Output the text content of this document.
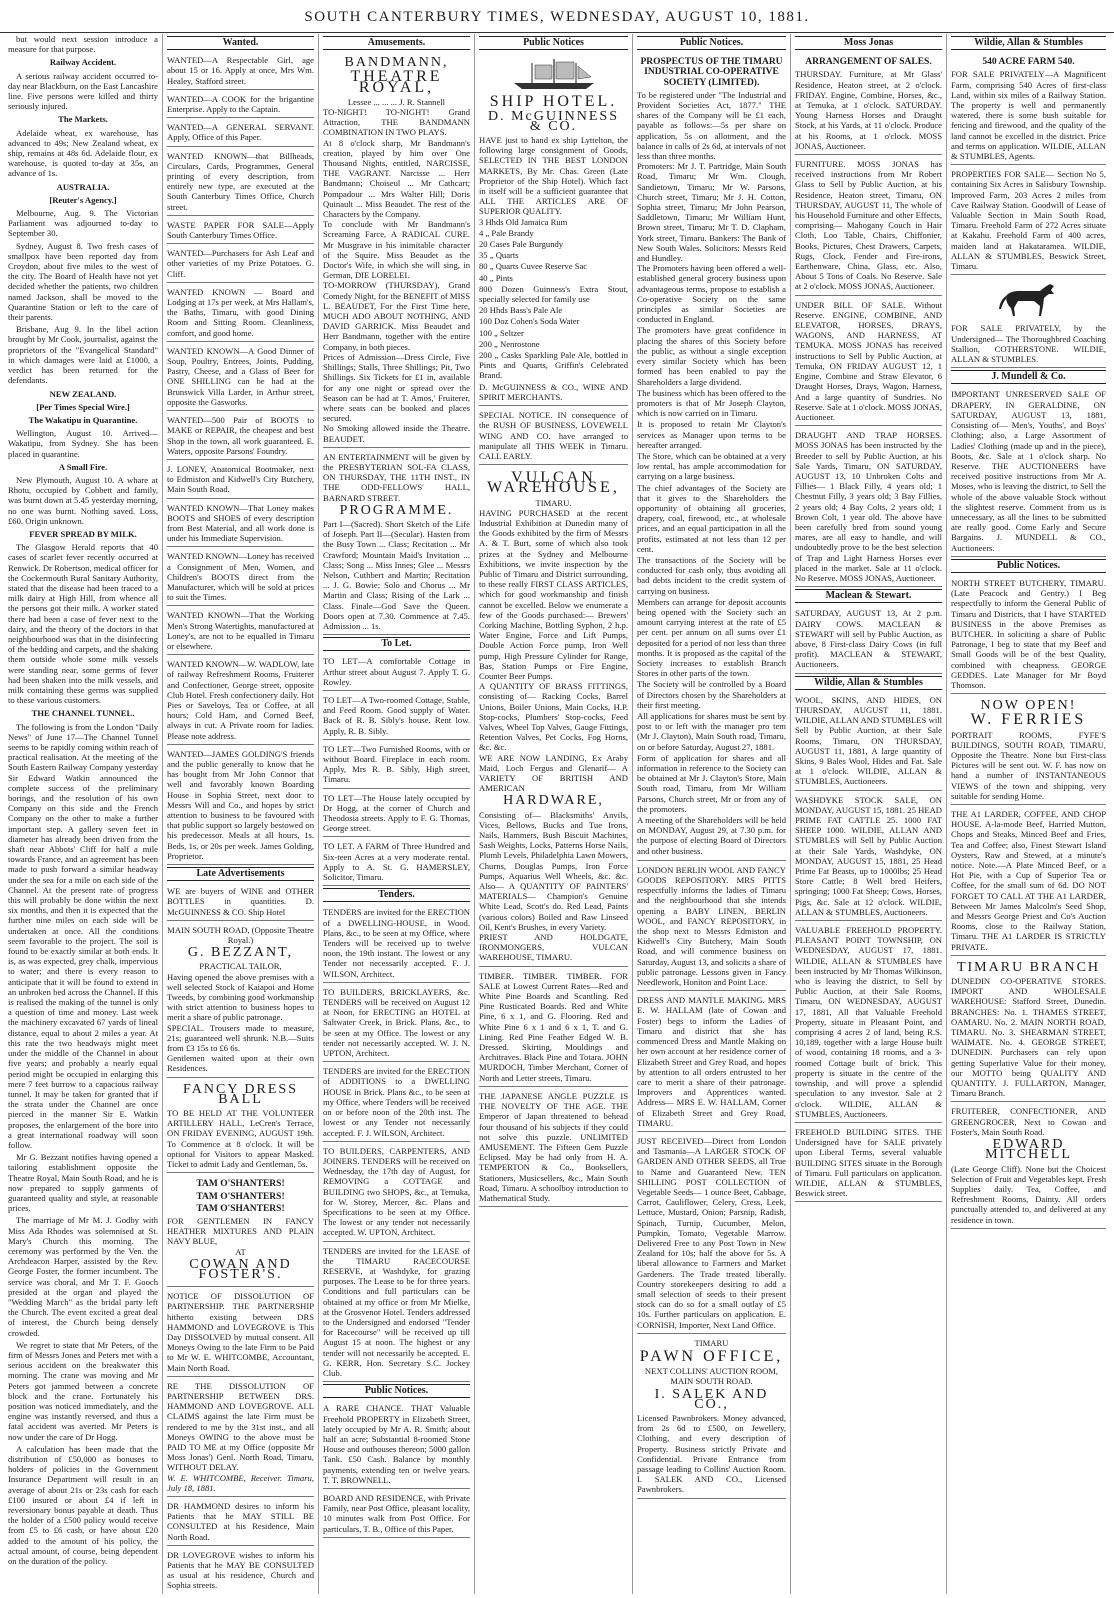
SOUTH CANTERBURY TIMES, WEDNESDAY, AUGUST 10, 1881.

but would next session introduce a measure for that purpose.

Railway Accident.

A serious railway accident occurred to-day near Blackburn, on the East Lancashire line. Five persons were killed and thirty seriously injured.

The Markets.

Adelaide wheat, ex warehouse, has advanced to 49s; New Zealand wheat, ex ship, remains at 48s 6d. Adelaide flour, ex warehouse, is quoted to-day at 35s, an advance of 1s.

AUSTRALIA.

[Reuter's Agency.]

Melbourne, Aug. 9. The Victorian Parliament was adjourned to-day to September 30.

Sydney, August 8. Two fresh cases of smallpox have been reported day from Croydon, about five miles to the west of the city. The Board of Health have not yet decided whether the patients, two children named Jackson, shall be moved to the Quarantine Station or left to the care of their parents.

Brisbane, Aug 9. In the libel action brought by Mr Cook, journalist, against the proprietors of the "Evangelical Standard" in which damages were laid at £1000, a verdict has been returned for the defendants.

NEW ZEALAND.

[Per Times Special Wire.]

The Wakatipu in Quarantine.

Wellington, August 10. Arrived—Wakatipu, from Sydney. She has been placed in quarantine.

A Small Fire.

New Plymouth, August 10. A whare at Rhotu, occupied by Cobbett and family, was burnt down at 5.45 yesterday morning, no one was burnt. Nothing saved. Loss, £60. Origin unknown.

FEVER SPREAD BY MILK.

The Glasgow Herald reports that 40 cases of scarlet fever recently occurred at Renwick. Dr Robertson, medical officer for the Cockermouth Rural Sanitary Authority, stated that the disease had been traced to a milk dairy at High Hill, from whence all the persons got their milk. A worker stated there had been a case of fever next to the dairy, and the theory of the doctors in that neighbourhood was that in the disinfecting of the bedding and carpets, and the shaking them outside whole some milk vessels were standing near, some germs of fever had been shaken into the milk vessels, and milk containing these germs was supplied to these various customers.

THE CHANNEL TUNNEL.

The following is from the London "Daily News" of June 17—The Channel Tunnel seems to be rapidly coming within reach of practical realisation. At the meeting of the South Eastern Railway Company yesterday Sir Edward Watkin announced the complete success of the preliminary borings, and the resolution of his own Company on this side and the French Company on the other to make a further important step. A gallery seven feet in diameter has already been driven from the shaft near Abbots' Cliff for half a mile towards France, and an agreement has been made to push forward a similar headway under the sea for a mile on each side of the Channel. At the present rate of progress this will probably be done within the next six months, and then it is expected that the further nine miles on each side will be undertaken at once. All the conditions seem favorable to the project. The soil is found to be exactly similar at both ends. It is, as was expected, grey chalk, impervious to water; and there is every reason to anticipate that it will be found to extend in an unbroken bed across the Channel. If this is realised the making of the tunnel is only a question of time and money. Last week the machinery excavated 67 yards of lineal distance, equal to about 2 miles a year. At this rate the two headways might meet under the middle of the Channel in about five years; and probably a nearly equal period might be occupied in enlarging this mere 7 feet burrow to a capacious railway tunnel. It may be taken for granted that if the strata under the Channel are once pierced in the manner Sir E. Watkin proposes, the enlargement of the bore into a great international roadway will soon follow.

Mr G. Bezzant notifies having opened a tailoring establishment opposite the Theatre Royal, Main South Road, and he is now prepared to supply garments of guaranteed quality and style, at reasonable prices.

The marriage of Mr M. J. Godby with Miss Ada Rhodes was solemnised at St. Mary's Church this morning. The ceremony was performed by the Ven. the Archdeacon Harper, assisted by the Rev. George Foster, the former incumbent. The service was choral, and Mr T. F. Gooch presided at the organ and played the "Wedding March" as the bridal party left the Church. The event excited a great deal of interest, the Church being densely crowded.

We regret to state that Mr Peters, of the firm of Messrs Jones and Peters met with a serious accident on the breakwater this morning. The crane was moving and Mr Peters got jammed between a concrete block and the crane. Fortunately his position was noticed immediately, and the engine was instantly reversed, and thus a fatal accident was averted. Mr Peters is now under the care of Dr Hogg.

A calculation has been made that the distribution of £50,000 as bonuses to holders of policies in the Government Insurance Department will result in an average of about 21s or 23s cash for each £100 insured or about £4 if left in reversionary bonus payable at death. Thus the holder of a £500 policy would receive from £5 to £6 cash, or have about £20 added to the amount of his policy, the actual amount, of course, being dependent on the duration of the policy.

Wanted.

WANTED—A Respectable Girl, age about 15 or 16. Apply at once, Mrs Wm. Healey, Stafford street.

WANTED—A COOK for the brigantine Enterprise. Apply to the Captain.

WANTED—A GENERAL SERVANT. Apply, Office of this Paper.

WANTED KNOWN—that Billheads, Circulars, Cards, Programmes, General printing of every description, from entirely new type, are executed at the South Canterbury Times Office, Church street.

WASTE PAPER FOR SALE—Apply South Canterbury Times Office.

WANTED—Purchasers for Ash Leaf and other varieties of my Prize Potatoes. G. Cliff.

WANTED KNOWN — Board and Lodging at 17s per week, at Mrs Hallam's, the Baths, Timaru, with good Dining Room and Sitting Room. Cleanliness, comfort, and good home.

WANTED KNOWN—A Good Dinner of Soup, Poultry, Entrees, Joints, Pudding, Pastry, Cheese, and a Glass of Beer for ONE SHILLING can be had at the Brunswick Villa Larder, in Arthur street, opposite the Gasworks.

WANTED—500 Pair of BOOTS to MAKE or REPAIR, the cheapest and best Shop in the town, all work guaranteed. E. Waters, opposite Parsons' Foundry.

J. LONEY, Anatomical Bootmaker, next to Edmiston and Kidwell's City Butchery, Main South Road.

WANTED KNOWN—That Loney makes BOOTS and SHOES of every description from Best Material, and all work done is under his Immediate Supervision.

WANTED KNOWN—Loney has received a Consignment of Men, Women, and Children's BOOTS direct from the Manufacturer, which will be sold at prices to suit the Times.

WANTED KNOWN—That the Working Men's Strong Watertights, manufactured at Loney's, are not to be equalled in Timaru or elsewhere.

WANTED KNOWN—W. WADLOW, late of railway Refreshment Rooms, Fruiterer and Confectioner, George street, opposite Club Hotel. Fresh confectionery daily. Hot Pies or Saveloys, Tea or Coffee, at all hours; Cold Ham, and Corned Beef, always in cut. A Private room for ladies. Please note address.

WANTED—JAMES GOLDING'S friends and the public generally to know that he has bought from Mr John Connor that well and favorably known Boarding House in Sophia Street, next door to Messrs Will and Co., and hopes by strict attention to business to be favoured with that public support so largely bestowed on his predecessor. Meals at all hours, 1s. Beds, 1s, or 20s per week. James Golding, Proprietor.

Late Advertisements

WE are buyers of WINE and OTHER BOTTLES in quantities. D. McGUINNESS & CO. Ship Hotel

MAIN SOUTH ROAD, (Opposite Theatre Royal.)
G. BEZZANT,
PRACTICAL TAILOR,

Having opened the above premises with a well selected Stock of Kaiapoi and Home Tweeds, by combining good workmanship with strict attention to business hopes to merit a share of public patronage.

SPECIAL. Trousers made to measure, 21s; guaranteed well shrunk. N.B.—Suits from £3 15s to £6 6s.

Gentlemen waited upon at their own Residences.

FANCY DRESS BALL

TO BE HELD AT THE VOLUNTEER ARTILLERY HALL, LeCren's Terrace, ON FRIDAY EVENING, AUGUST 19th. To Commence at 8 o'clock. It will be optional for Visitors to appear Masked. Ticket to admit Lady and Gentleman, 5s.

TAM O'SHANTERS!
TAM O'SHANTERS!
TAM O'SHANTERS!

FOR GENTLEMEN IN FANCY HEATHER MIXTURES AND PLAIN NAVY BLUE,

AT
COWAN AND FOSTER'S.

NOTICE OF DISSOLUTION OF PARTNERSHIP. THE PARTNERSHIP hitherto existing between DRS HAMMOND and LOVEGROVE is This Day DISSOLVED by mutual consent. All Moneys Owing to the late Firm to be Paid to Mr W. E. WHITCOMBE, Accountant, Main North Road.

RE THE DISSOLUTION OF PARTNERSHIP BETWEEN DRS. HAMMOND AND LOVEGROVE. ALL CLAIMS against the late Firm must be rendered to me by the 31st inst., and all Moneys OWING to the above must be PAID TO ME at my Office (opposite Mr Moss Jonas') Genl. North Road, Timaru, WITHOUT DELAY.

W. E. WHITCOMBE, Receiver. Timaru, July 18, 1881.

DR HAMMOND desires to inform his Patients that he MAY STILL BE CONSULTED at his Residence, Main North Road.

DR LOVEGROVE wishes to inform his Patients that he MAY BE CONSULTED as usual at his residence, Church and Sophia streets.

Amusements.
BANDMANN,
THEATRE ROYAL,
Lessee ... ... ... J. R. Stannell

TO-NIGHT! TO-NIGHT! Grand Attraction, THE BANDMANN COMBINATION IN TWO PLAYS.

At 8 o'clock sharp, Mr Bandmann's creation, played by him over One Thousand Nights, entitled, NARCISSE, THE VAGRANT. Narcisse ... Herr Bandmann; Choiseul ... Mr Cathcart; Pompadour ... Mrs Walter Hill; Doris Quinault ... Miss Beaudet. The rest of the Characters by the Company.

To conclude with Mr Bandmann's Screaming Farce, A RADICAL CURE. Mr Musgrave in his inimitable character of the Squire. Miss Beaudet as the Doctor's Wife, in which she will sing, in German, DIE LORELEI.

TO-MORROW (THURSDAY), Grand Comedy Night, for the BENEFIT of MISS L. BEAUDET, For the First Time here, MUCH ADO ABOUT NOTHING, AND DAVID GARRICK. Miss Beaudet and Herr Bandmann, together with the entire Company, in both pieces.

Prices of Admission—Dress Circle, Five Shillings; Stalls, Three Shillings; Pit, Two Shillings. Six Tickets for £1 in, available for any one night or spread over the Season can be had at T. Amos,' Fruiterer, where seats can be booked and places secured.

No Smoking allowed inside the Theatre. BEAUDET.

AN ENTERTAINMENT will be given by the PRESBYTERIAN SOL-FA CLASS, ON THURSDAY, THE 11TH INST., IN THE ODD-FELLOWS' HALL, BARNARD STREET.

PROGRAMME.

Part I—(Sacred). Short Sketch of the Life of Joseph. Part II—(Secular). Hasten from the Busy Town ... Class; Recitation ... Mr Crawford; Mountain Maid's Invitation ... Class; Song ... Miss Innes; Glee ... Messrs Nelson, Cuthbert and Martin; Recitation ... J. G. Bowie; Solo and Chorus ... Mr Martin and Class; Rising of the Lark ... Class. Finale—God Save the Queen. Doors open at 7.30. Commence at 7.45. Admission ... 1s.

To Let.

TO LET—A comfortable Cottage in Arthur street about August 7. Apply T. G. Rowley.

TO LET—A Two-roomed Cottage, Stable, and Feed Room. Good supply of Water. Back of R. B. Sibly's house. Rent low. Apply, R. B. Sibly.

TO LET—Two Furnished Rooms, with or without Board. Fireplace in each room. Apply, Mrs R. B. Sibly, High street, Timaru.

TO LET—The House lately occupied by Dr Hogg, at the corner of Church and Theodosia streets. Apply to F. G. Thomas, George street.

TO LET. A FARM of Three Hundred and Six-teen Acres at a very moderate rental. Apply to A. St. G. HAMERSLEY, Solicitor, Timaru.

Tenders.

TENDERS are invited for the ERECTION of a DWELLING-HOUSE, in Wood. Plans, &c., to be seen at my Office, where Tenders will be received up to twelve noon, the 19th instant. The lowest or any Tender not necessarily accepted. F. J. WILSON, Architect.

TO BUILDERS, BRICKLAYERS, &c. TENDERS will be received on August 12 at Noon, for ERECTING an HOTEL at Saltwater Creek, in Brick. Plans, &c., to be seen at my Office. The lowest or any tender not necessarily accepted. W. J. N. UPTON, Architect.

TENDERS are invited for the ERECTION of ADDITIONS to a DWELLING HOUSE in Brick. Plans &c., to be seen at my Office, where Tenders will be received on or before noon of the 20th inst. The lowest or any Tender not necessarily accepted. F. J. WILSON, Architect.

TO BUILDERS, CARPENTERS, AND JOINERS. TENDERS will be received on Wednesday, the 17th day of August, for REMOVING a COTTAGE and BUILDING two SHOPS, &c., at Temuka, for W. Storey, Mercer, &c. Plans and Specifications to be seen at my Office. The lowest or any tender not necessarily accepted. W. UPTON, Architect.

TENDERS are invited for the LEASE of the TIMARU RACECOURSE RESERVE, at Washdyke, for grazing purposes. The Lease to be for three years. Conditions and full particulars can be obtained at my office or from Mr Mielke, at the Grosvenor Hotel. Tenders addressed to the Undersigned and endorsed "Tender for Racecourse" will be received up till August 15 at noon. The highest or any tender will not necessarily be accepted. E. G. KERR, Hon. Secretary S.C. Jockey Club.

Public Notices.

A RARE CHANCE. THAT Valuable Freehold PROPERTY in Elizabeth Street, lately occupied by Mr A. R. Smith; about half an acre; Substantial 8-roomed Stone House and outhouses thereon; 5000 gallon Tank. £50 Cash. Balance by monthly payments, extending ten or twelve years. T. T. BROWNELL.

BOARD AND RESIDENCE, with Private Family, near Post Office, pleasant locality, 10 minutes walk from Post Office. For particulars, T. B., Office of this Paper.

Public Notices
SHIP HOTEL.
D. McGUINNESS & CO.

HAVE just to hand ex ship Lyttelton, the following large consignment of Goods, SELECTED IN THE BEST LONDON MARKETS, By Mr. Chas. Green (Late Proprietor of the Ship Hotel). Which fact in itself will be a sufficient guarantee that ALL THE ARTICLES ARE OF SUPERIOR QUALITY.

3 Hhds Old Jamaica Rum

4 „ Pale Brandy

20 Cases Pale Burgundy

35 „ Quarts

80 „ Quarts Cuvee Reserve Sac

40 „ Pints

800 Dozen Guinness's Extra Stout, specially selected for family use

20 Hhds Bass's Pale Ale

100 Doz Cohen's Soda Water

100 „ Seltzer

200 „ Nenrostone

200 „ Casks Sparkling Pale Ale, bottled in Pints and Quarts, Griffin's Celebrated Brand.

D. McGUINNESS & CO., WINE AND SPIRIT MERCHANTS.

SPECIAL NOTICE. IN consequence of the RUSH OF BUSINESS, LOVEWELL WING AND CO. have arranged to manipulate all THIS WEEK in Timaru. CALL EARLY.

VULCAN WAREHOUSE,
TIMARU.

HAVING PURCHASED at the recent Industrial Exhibition at Dunedin many of the Goods exhibited by the firm of Messrs A. & T. Burt, some of which also took prizes at the Sydney and Melbourne Exhibitions, we invite inspection by the Public of Timaru and District surrounding, to these really FIRST CLASS ARTICLES, which for good workmanship and finish cannot be excelled. Below we enumerate a few of the Goods purchased:— Brewers' Corking Machine, Bottling Syphon, 2 h.p. Water Engine, Force and Lift Pumps, Double Action Force pump, Iron Well pump, High Pressure Cylinder for Range, Bas, Station Pumps or Fire Engine, Counter Beer Pumps.

A QUANTITY OF BRASS FITTINGS, consisting of— Racking Cocks, Barrel Unions, Boiler Unions, Main Cocks, H.P. Stop-cocks, Plumbers' Stop-cocks, Feed Valves, Wheel Top Valves, Gauge Fittings, Retention Valves, Pet Cocks, Fog Horns, &c. &c.

WE ARE NOW LANDING, Ex Araby Maid, Loch Fergus and Glenarif— A VARIETY OF BRITISH AND AMERICAN

HARDWARE,

Consisting of— Blacksmiths' Anvils, Vices, Bellows, Bucks and Tue Irons, Nails, Hammers, Bush Biscuit Machines, Sash Weights, Locks, Patterns Horse Nails, Plumb Levels, Philadelphia Lawn Mowers, Churns, Douglas Pumps, Iron Force Pumps, Aquarius Well Wheels, &c. &c. Also— A QUANTITY OF PAINTERS' MATERIALS— Champion's Genuine White Lead, Scott's do. Red Lead, Paints (various colors) Boiled and Raw Linseed Oil, Kent's Brushes, in every Variety.

PRIEST AND HOLDGATE, IRONMONGERS, VULCAN WAREHOUSE, TIMARU.

TIMBER. TIMBER. TIMBER. FOR SALE at Lowest Current Rates—Red and White Pine Boards and Scantling. Red Pine Rusticated Boards. Red and White Pine, 6 x 1, and G. Flooring. Red and White Pine 6 x 1 and 6 x 1, T. and G. Lining. Red Pine Feather Edged W. B. Dressed. Skirting, Mouldings and Architraves. Black Pine and Totara. JOHN MURDOCH, Timber Merchant, Corner of North and Letter streets, Timaru.

THE JAPANESE ANGLE PUZZLE IS THE NOVELTY OF THE AGE. THE Emperor of Japan threatened to behead four thousand of his subjects if they could not solve this puzzle. UNLIMITED AMUSEMENT. The Fifteen Gem Puzzle Eclipsed. May be had only from H. A. TEMPERTON & Co., Booksellers, Stationers, Musicsellers, &c., Main South Road, Timaru. A schoolboy introduction to Mathematical Study.

Public Notices.
PROSPECTUS OF THE TIMARU INDUSTRIAL CO-OPERATIVE SOCIETY (LIMITED).

To be registered under "The Industrial and Provident Societies Act, 1877." THE shares of the Company will be £1 each, payable as follows:—5s per share on application, 5s on allotment, and the balance in calls of 2s 6d, at intervals of not less than three months.

Promoters: Mr J. T. Partridge, Main South Road, Timaru; Mr Wm. Clough, Sandietown, Timaru; Mr W. Parsons, Church street, Timaru; Mr J. H. Cotton, Sophia street, Timaru; Mr John Pearson, Saddletown, Timaru; Mr William Hunt, Brown street, Timaru; Mr T. D. Clapham, York street, Timaru. Bankers: The Bank of New South Wales. Solicitors: Messrs Reid and Hundley.

The Promoters having been offered a well-established general grocery business upon advantageous terms, propose to establish a Co-operative Society on the same principles as similar Societies are conducted in England.

The promoters have great confidence in placing the shares of this Society before the public, as without a single exception every similar Society which has been formed has been enabled to pay the Shareholders a large dividend.

The business which has been offered to the promoters is that of Mr Joseph Clayton, which is now carried on in Timaru.

It is proposed to retain Mr Clayton's services as Manager upon terms to be hereafter arranged.

The Store, which can be obtained at a very low rental, has ample accommodation for carrying on a large business.

The chief advantages of the Society are that it gives to the Shareholders the opportunity of obtaining all groceries, drapery, coal, firewood, etc., at wholesale prices, and an equal participation in all the profits, estimated at not less than 12 per cent.

The transactions of the Society will be conducted for cash only, thus avoiding all bad debts incident to the credit system of carrying on business.

Members can arrange for deposit accounts being opened with the Society such an amount carrying interest at the rate of £5 per cent. per annum on all sums over £1 deposited for a period of not less than three months. It is proposed as the capital of the Society increases to establish Branch Stores in other parts of the town.

The Society will be controlled by a Board of Directors chosen by the Shareholders at their first meeting.

All applications for shares must be sent by post to or left with the manager pro tem (Mr J. Clayton), Main South road, Timaru, on or before Saturday, August 27, 1881.

Form of application for shares and all information in reference to the Society can be obtained at Mr J. Clayton's Store, Main South road, Timaru, from Mr William Parsons, Church street, Mr or from any of the promoters.

A meeting of the Shareholders will be held on MONDAY, August 29, at 7.30 p.m. for the purpose of electing Board of Directors and other business.

LONDON BERLIN WOOL AND FANCY GOODS REPOSITORY. MRS PITTS respectfully informs the ladies of Timaru and the neighbourhood that she intends opening a BABY LINEN, BERLIN WOOL, and FANCY REPOSITORY, in the shop next to Messrs Edmiston and Kidwell's City Butchery, Main South Road, and will commence business on Saturday, August 13, and solicits a share of public patronage. Lessons given in Fancy Needlework, Honiton and Point Lace.

DRESS AND MANTLE MAKING. MRS E. W. HALLAM (late of Cowan and Foster) begs to inform the Ladies of Timaru and district that she has commenced Dress and Mantle Making on her own account at her residence corner of Elizabeth Street and Grey Road, and hopes by attention to all orders entrusted to her care to merit a share of their patronage. Improvers and Apprentices wanted. Address— MRS E. W. HALLAM, Corner of Elizabeth Street and Grey Road, TIMARU.

JUST RECEIVED—Direct from London and Tasmania—A LARGER STOCK OF GARDEN AND OTHER SEEDS, all True to Name and Guaranteed New. TEN SHILLING POST COLLECTION of Vegetable Seeds— 1 ounce Beet, Cabbage, Carrot, Cauliflower, Celery, Cress, Leek, Lettuce, Mustard, Onion; Parsnip, Radish, Spinach, Turnip, Cucumber, Melon, Pumpkin, Tomato, Vegetable Marrow. Delivered Free to any Post Town in New Zealand for 10s; half the above for 5s. A liberal allowance to Farmers and Market Gardeners. The Trade treated liberally. Country storekeepers desiring to add a small selection of seeds to their present stock can do so for a small outlay of £5 10s. Further particulars on application. E. CORNISH, Importer, Next Land Office.

TIMARU
PAWN OFFICE,
NEXT COLLINS' AUCTION ROOM, MAIN SOUTH ROAD.
I. SALEK AND CO.,

Licensed Pawnbrokers. Money advanced, from 2s 6d to £500, on Jewellery, Clothing, and every description of Property. Business strictly Private and Confidential. Private Entrance from passage leading to Collins' Auction Room. I. SALEK AND CO., Licensed Pawnbrokers.

Moss Jonas
ARRANGEMENT OF SALES.

THURSDAY. Furniture, at Mr Glass' Residence, Heaton street, at 2 o'clock. FRIDAY. Engine, Combine, Horses, &c., at Temuka, at 1 o'clock. SATURDAY. Young Harness Horses and Draught Stock, at his Yards, at 11 o'clock. Produce at his Rooms, at 1 o'clock. MOSS JONAS, Auctioneer.

FURNITURE. MOSS JONAS has received instructions from Mr Robert Glass to Sell by Public Auction, at his Residence, Heaton street, Timaru, ON THURSDAY, AUGUST 11, The whole of his Household Furniture and other Effects, comprising— Mahogany Couch in Hair Cloth, Loo Table, Chairs, Chiffonier, Books, Pictures, Chest Drawers, Carpets, Rugs, Clock, Fender and Fire-irons, Earthenware, China, Glass, etc. Also, About 5 Tons of Coals. No Reserve. Sale at 2 o'clock. MOSS JONAS, Auctioneer.

UNDER BILL OF SALE. Without Reserve. ENGINE, COMBINE, AND ELEVATOR, HORSES, DRAYS, WAGONS, AND HARNESS, AT TEMUKA. MOSS JONAS has received instructions to Sell by Public Auction, at Temuka, ON FRIDAY AUGUST 12, 1 Engine, Combine and Straw Elevator, 6 Draught Horses, Drays, Wagon, Harness, And a large quantity of Sundries. No Reserve. Sale at 1 o'clock. MOSS JONAS, Auctioneer.

DRAUGHT AND TRAP HORSES. MOSS JONAS has been instructed by the Breeder to sell by Public Auction, at his Sale Yards, Timaru, ON SATURDAY, AUGUST 13, 10 Unbroken Colts and Fillies— 1 Black Filly, 4 years old; 1 Chestnut Filly, 3 years old; 3 Bay Fillies, 2 years old; 4 Bay Colts, 2 years old; 1 Brown Colt, 1 year old. The above have been carefully bred from sound young mares, are all easy to handle, and will undoubtedly prove to be the best selection of Trap and Light Harness Horses ever placed in the market. Sale at 11 o'clock. No Reserve. MOSS JONAS, Auctioneer.

Maclean & Stewart.

SATURDAY, AUGUST 13, At 2 p.m. DAIRY COWS. MACLEAN & STEWART will sell by Public Auction, as above, 8 First-class Dairy Cows (in full profit). MACLEAN & STEWART, Auctioneers.

Wildie, Allan & Stumbles

WOOL, SKINS, AND HIDES, ON THURSDAY, AUGUST 11, 1881. WILDIE, ALLAN AND STUMBLES will Sell by Public Auction, at their Sale Rooms, Timaru, ON THURSDAY, AUGUST 11, 1881, A large quantity of Skins, 9 Bales Wool, Hides and Fat. Sale at 1 o'clock. WILDIE, ALLAN & STUMBLES, Auctioneers.

WASHDYKE STOCK SALE, ON MONDAY, AUGUST 15, 1881. 25 HEAD PRIME FAT CATTLE 25. 1000 FAT SHEEP 1000. WILDIE, ALLAN AND STUMBLES will Sell by Public Auction at their Sale Yards, Washdyke, ON MONDAY, AUGUST 15, 1881, 25 Head Prime Fat Beasts, up to 1000lbs; 25 Head Store Cattle; 8 Well bred Heifers, springing; 1000 Fat Sheep; Cows, Horses, Pigs, &c. Sale at 12 o'clock. WILDIE, ALLAN & STUMBLES, Auctioneers.

VALUABLE FREEHOLD PROPERTY. PLEASANT POINT TOWNSHIP, ON WEDNESDAY, AUGUST 17, 1881. WILDIE, ALLAN & STUMBLES have been instructed by Mr Thomas Wilkinson, who is leaving the district, to Sell by Public Auction, at their Sale Rooms, Timaru, ON WEDNESDAY, AUGUST 17, 1881, All that Valuable Freehold Property, situate in Pleasant Point, and comprising 4 acres 2 of land, being R.S. 10,189, together with a large House built of wood, containing 18 rooms, and a 3-roomed Cottage built of brick. This property is situate in the centre of the township, and will prove a splendid speculation to any investor. Sale at 2 o'clock. WILDIE, ALLAN & STUMBLES, Auctioneers.

FREEHOLD BUILDING SITES. THE Undersigned have for SALE privately upon Liberal Terms, several valuable BUILDING SITES situate in the Borough of Timaru. Full particulars on application. WILDIE, ALLAN & STUMBLES, Beswick street.

Wildie, Allan & Stumbles
540 ACRE FARM 540.

FOR SALE PRIVATELY—A Magnificent Farm, comprising 540 Acres of first-class Land, within six miles of a Railway Station. The property is well and permanently watered, there is some bush suitable for fencing and firewood, and the quality of the land cannot be excelled in the district. Price and terms on application. WILDIE, ALLAN & STUMBLES, Agents.

PROPERTIES FOR SALE— Section No 5, containing Six Acres in Salisbury Township. Improved Farm, 203 Acres 2 miles from Cave Railway Station. Goodwill of Lease of Valuable Section in Main South Road, Timaru. Freehold Farm of 272 Acres situate at Kakahu. Freehold Farm of 400 acres, maiden land at Hakataramea. WILDIE, ALLAN & STUMBLES, Beswick Street, Timaru.

FOR SALE PRIVATELY, by the Undersigned— The Thoroughbred Coaching Stallion, COTHERSTONE. WILDIE, ALLAN & STUMBLES.

J. Mundell & Co.

IMPORTANT UNRESERVED SALE OF DRAPERY, IN GERALDINE, ON SATURDAY, AUGUST 13, 1881, Consisting of— Men's, Youths', and Boys' Clothing; also, a Large Assortment of Ladies' Clothing (made up and in the piece), Boots, &c. Sale at 1 o'clock sharp. No Reserve. THE AUCTIONEERS have received positive instructions from Mr A. Moses, who is leaving the district, to Sell the whole of the above valuable Stock without the slightest reserve. Comment from us is unnecessary, as all the lines to be submitted are really good. Come Early and Secure Bargains. J. MUNDELL & CO., Auctioneers.

Public Notices.

NORTH STREET BUTCHERY, TIMARU. (Late Peacock and Gentry.) I Beg respectfully to inform the General Public of Timaru and Districts, that I have STARTED BUSINESS in the above Premises as BUTCHER. In soliciting a share of Public Patronage, I beg to state that my Beef and Small Goods will be of the best Quality, combined with cheapness. GEORGE GEDDES. Late Manager for Mr Boyd Thomson.

NOW OPEN!
W. FERRIES

PORTRAIT ROOMS, FYFE'S BUILDINGS, SOUTH ROAD, TIMARU, Opposite the Theatre. None but First-class Pictures will be sent out. W. F. has now on hand a number of INSTANTANEOUS VIEWS of the town and shipping, very suitable for sending Home.

THE A1 LARDER, COFFEE, AND CHOP HOUSE. A-la-mode Beef, Harried Mutton, Chops and Steaks, Minced Beef and Fries, Tea and Coffee; also, Finest Stewart Island Oysters, Raw and Stewed, at a minute's notice. Note.—A Plate Minced Beef, or a Hot Pie, with a Cup of Superior Tea or Coffee, for the small sum of 6d. DO NOT FORGET TO CALL AT THE A1 LARDER, Between Mr James Malcolm's Seed Shop, and Messrs George Priest and Co's Auction Rooms, close to the Railway Station, Timaru. THE A1 LARDER IS STRICTLY PRIVATE.

TIMARU BRANCH

DUNEDIN CO-OPERATIVE STORES. IMPORT AND WHOLESALE WAREHOUSE: Stafford Street, Dunedin. BRANCHES: No. 1. THAMES STREET, OAMARU. No. 2. MAIN NORTH ROAD, TIMARU. No. 3. SHEARMAN STREET, WAIMATE. No. 4. GEORGE STREET, DUNEDIN. Purchasers can rely upon getting Superlative Value for their money, our MOTTO being QUALITY AND QUANTITY. J. FULLARTON, Manager, Timaru Branch.

FRUITERER, CONFECTIONER, AND GREENGROCER, Next to Cowan and Foster's, Main South Road.

EDWARD MITCHELL

(Late George Cliff). None but the Choicest Selection of Fruit and Vegetables kept. Fresh Supplies daily. Tea, Coffee, and Refreshment Rooms, Dainty. All orders punctually attended to, and delivered at any residence in town.
